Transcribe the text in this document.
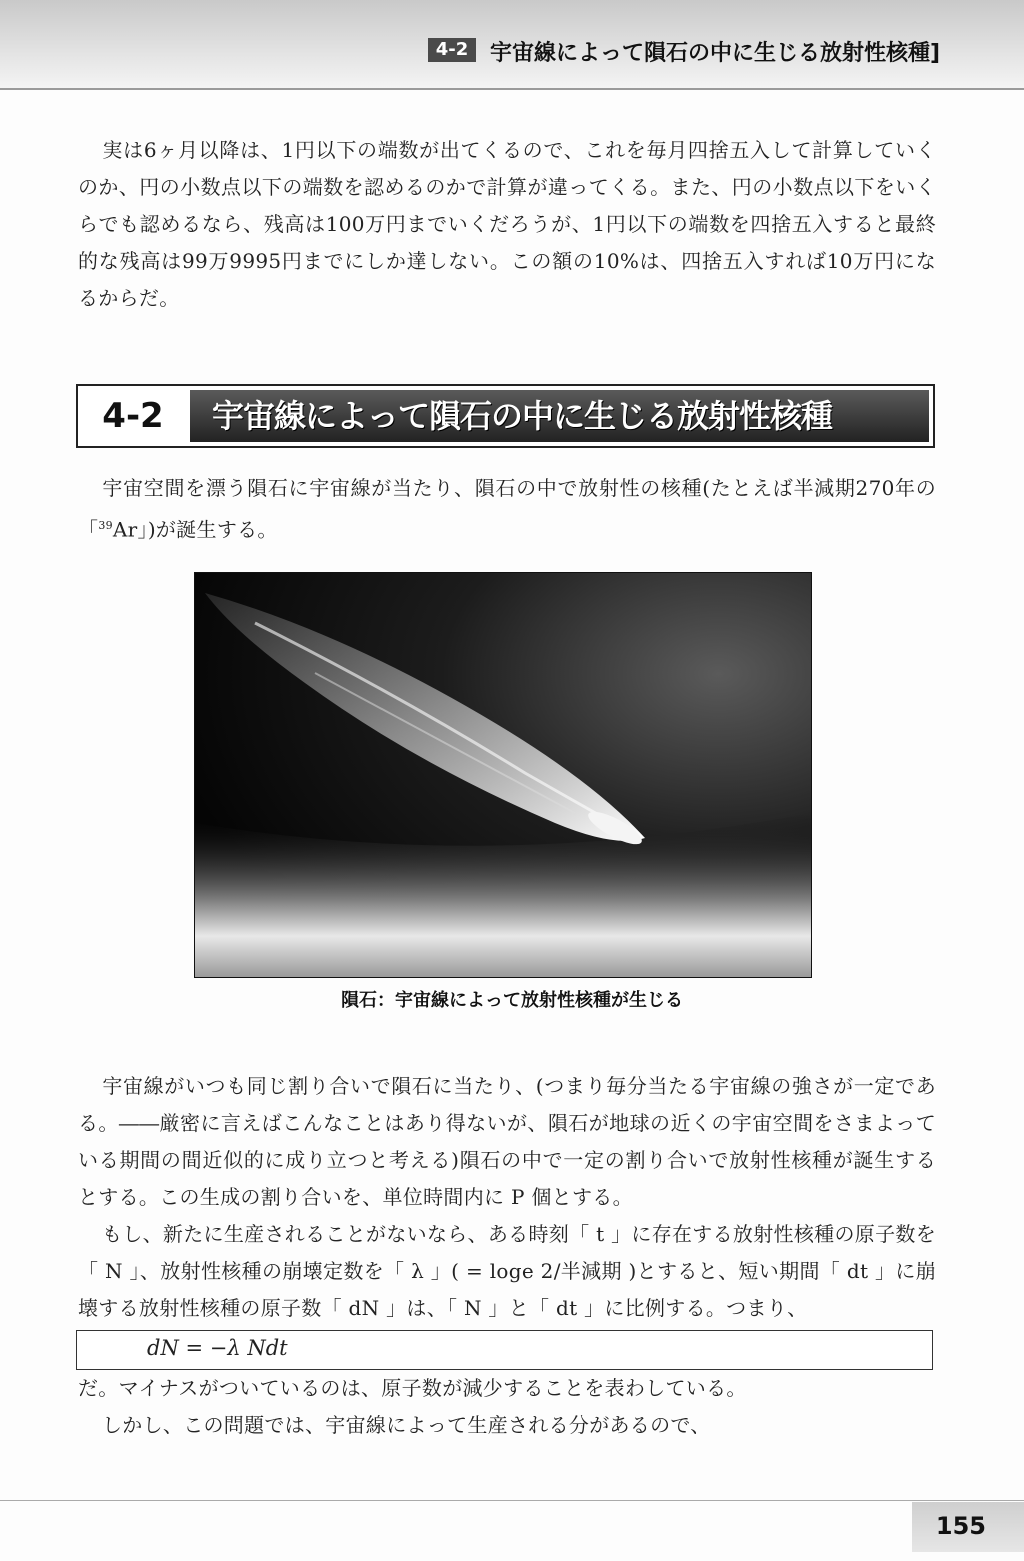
4-2 宇宙線によって隕石の中に生じる放射性核種]

実は6ヶ月以降は、1円以下の端数が出てくるので、これを毎月四捨五入して計算していくのか、円の小数点以下の端数を認めるのかで計算が違ってくる。また、円の小数点以下をいくらでも認めるなら、残高は100万円までいくだろうが、1円以下の端数を四捨五入すると最終的な残高は99万9995円までにしか達しない。この額の10%は、四捨五入すれば10万円になるからだ。

4-2	宇宙線によって隕石の中に生じる放射性核種

宇宙空間を漂う隕石に宇宙線が当たり、隕石の中で放射性の核種(たとえば半減期270年の「$^{39}$Ar」)が誕生する。

隕石：宇宙線によって放射性核種が生じる

宇宙線がいつも同じ割り合いで隕石に当たり、(つまり毎分当たる宇宙線の強さが一定である。――厳密に言えばこんなことはあり得ないが、隕石が地球の近くの宇宙空間をさまよっている期間の間近似的に成り立つと考える)隕石の中で一定の割り合いで放射性核種が誕生するとする。この生成の割り合いを、単位時間内に P 個とする。

もし、新たに生産されることがないなら、ある時刻「 t 」に存在する放射性核種の原子数を「 N 」、放射性核種の崩壊定数を「 λ 」( = loge 2/半減期 )とすると、短い期間「 dt 」に崩壊する放射性核種の原子数「 dN 」は、「 N 」と「 dt 」に比例する。つまり、

dN = −λ Ndt

だ。マイナスがついているのは、原子数が減少することを表わしている。

しかし、この問題では、宇宙線によって生産される分があるので、

155
